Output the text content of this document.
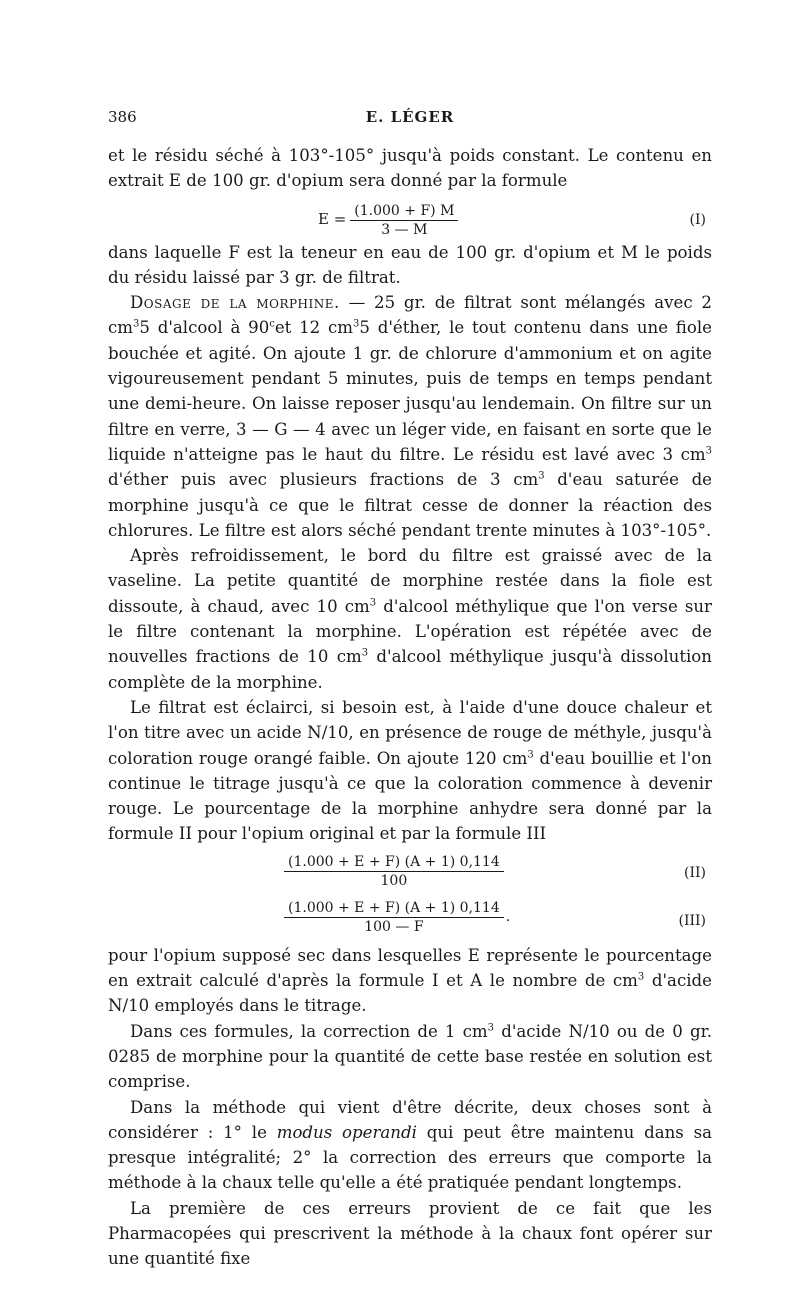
386	E. LÉGER

et le résidu séché à 103°-105° jusqu'à poids constant. Le contenu en extrait E de 100 gr. d'opium sera donné par la formule

$E = \frac{(1.000 + F) M}{3 — M}$	(I)

dans laquelle F est la teneur en eau de 100 gr. d'opium et M le poids du résidu laissé par 3 gr. de filtrat.

Dosage de la morphine. — 25 gr. de filtrat sont mélangés avec 2 $cm^35$ d'alcool à 90$^c$et 12 $cm^35$ d'éther, le tout contenu dans une fiole bouchée et agité. On ajoute 1 gr. de chlorure d'ammonium et on agite vigoureusement pendant 5 minutes, puis de temps en temps pendant une demi-heure. On laisse reposer jusqu'au lendemain. On filtre sur un filtre en verre, 3 — G — 4 avec un léger vide, en faisant en sorte que le liquide n'atteigne pas le haut du filtre. Le résidu est lavé avec 3 $cm^3$ d'éther puis avec plusieurs fractions de 3 $cm^3$ d'eau saturée de morphine jusqu'à ce que le filtrat cesse de donner la réaction des chlorures. Le filtre est alors séché pendant trente minutes à 103°-105°.

Après refroidissement, le bord du filtre est graissé avec de la vaseline. La petite quantité de morphine restée dans la fiole est dissoute, à chaud, avec 10 $cm^3$ d'alcool méthylique que l'on verse sur le filtre contenant la morphine. L'opération est répétée avec de nouvelles fractions de 10 $cm^3$ d'alcool méthylique jusqu'à dissolution complète de la morphine.

Le filtrat est éclairci, si besoin est, à l'aide d'une douce chaleur et l'on titre avec un acide N/10, en présence de rouge de méthyle, jusqu'à coloration rouge orangé faible. On ajoute 120 $cm^3$ d'eau bouillie et l'on continue le titrage jusqu'à ce que la coloration commence à devenir rouge. Le pourcentage de la morphine anhydre sera donné par la formule II pour l'opium original et par la formule III

$\frac{(1.000 + E + F) (A + 1) 0,114}{100}$	(II)
$\frac{(1.000 + E + F) (A + 1) 0,114}{100 — F}$ .	(III)

pour l'opium supposé sec dans lesquelles E représente le pourcentage en extrait calculé d'après la formule I et A le nombre de $cm^3$ d'acide N/10 employés dans le titrage.

Dans ces formules, la correction de 1 $cm^3$ d'acide N/10 ou de 0 gr. 0285 de morphine pour la quantité de cette base restée en solution est comprise.

Dans la méthode qui vient d'être décrite, deux choses sont à considérer : 1° le modus operandi qui peut être maintenu dans sa presque intégralité; 2° la correction des erreurs que comporte la méthode à la chaux telle qu'elle a été pratiquée pendant longtemps.

La première de ces erreurs provient de ce fait que les Pharmacopées qui prescrivent la méthode à la chaux font opérer sur une quantité fixe
